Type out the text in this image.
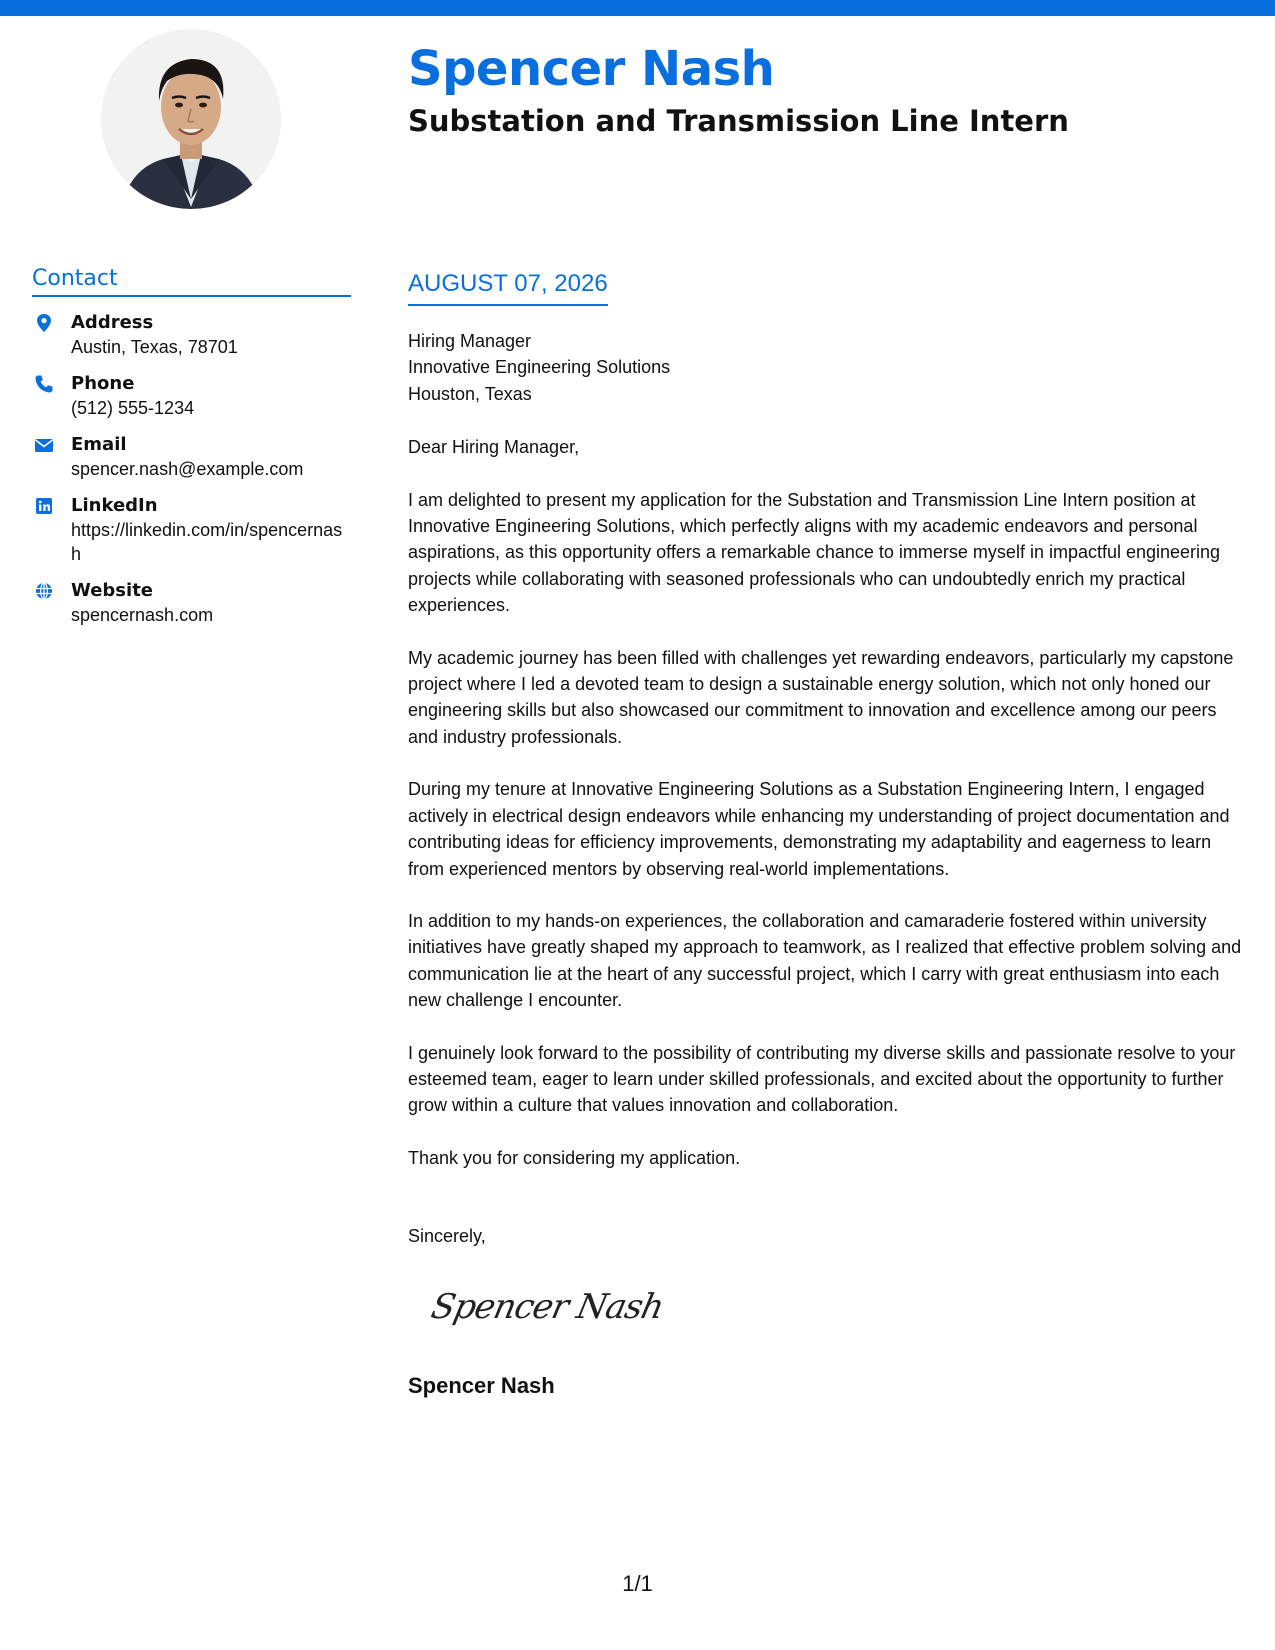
Spencer Nash
Substation and Transmission Line Intern
Contact
Address
Austin, Texas, 78701
Phone
(512) 555-1234
Email
spencer.nash@example.com
LinkedIn
https://linkedin.com/in/spencernash
Website
spencernash.com
AUGUST 07, 2026
Hiring Manager
Innovative Engineering Solutions
Houston, Texas
Dear Hiring Manager,
I am delighted to present my application for the Substation and Transmission Line Intern position at Innovative Engineering Solutions, which perfectly aligns with my academic endeavors and personal aspirations, as this opportunity offers a remarkable chance to immerse myself in impactful engineering projects while collaborating with seasoned professionals who can undoubtedly enrich my practical experiences.
My academic journey has been filled with challenges yet rewarding endeavors, particularly my capstone project where I led a devoted team to design a sustainable energy solution, which not only honed our engineering skills but also showcased our commitment to innovation and excellence among our peers and industry professionals.
During my tenure at Innovative Engineering Solutions as a Substation Engineering Intern, I engaged actively in electrical design endeavors while enhancing my understanding of project documentation and contributing ideas for efficiency improvements, demonstrating my adaptability and eagerness to learn from experienced mentors by observing real-world implementations.
In addition to my hands-on experiences, the collaboration and camaraderie fostered within university initiatives have greatly shaped my approach to teamwork, as I realized that effective problem solving and communication lie at the heart of any successful project, which I carry with great enthusiasm into each new challenge I encounter.
I genuinely look forward to the possibility of contributing my diverse skills and passionate resolve to your esteemed team, eager to learn under skilled professionals, and excited about the opportunity to further grow within a culture that values innovation and collaboration.
Thank you for considering my application.
Sincerely,
Spencer Nash
Spencer Nash
1/1
